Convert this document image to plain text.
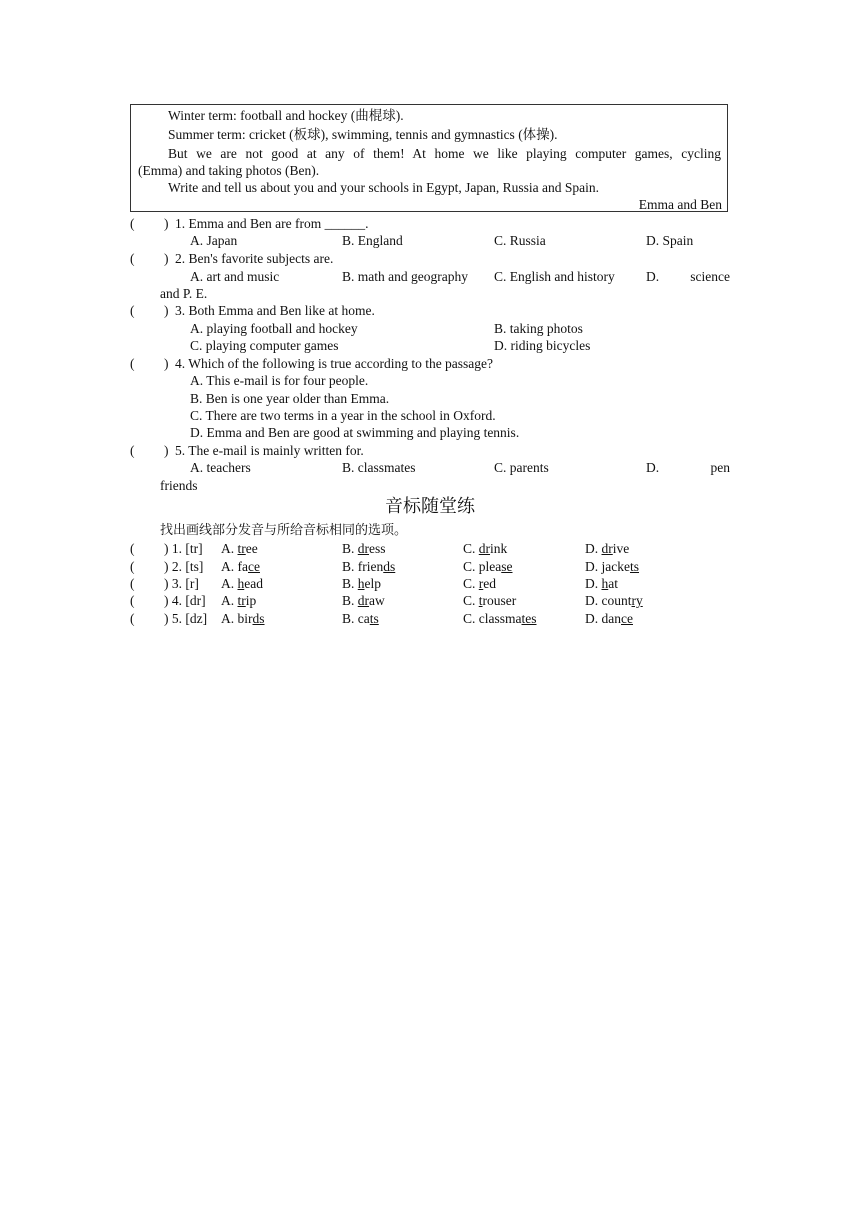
Winter term: football and hockey (曲棍球).
Summer term: cricket (板球), swimming, tennis and gymnastics (体操).
But we are not good at any of them! At home we like playing computer games, cycling
(Emma) and taking photos (Ben).
Write and tell us about you and your schools in Egypt, Japan, Russia and Spain.
Emma and Ben
( ) 1. Emma and Ben are from ______.
A. Japan	B. England	C. Russia	D. Spain
( ) 2. Ben's favorite subjects are.
A. art and music	B. math and geography C. English and history D. science
and P. E.
( ) 3. Both Emma and Ben like at home.
A. playing football and hockey	B. taking photos
C. playing computer games	D. riding bicycles
( ) 4. Which of the following is true according to the passage?
A. This e-mail is for four people.
B. Ben is one year older than Emma.
C. There are two terms in a year in the school in Oxford.
D. Emma and Ben are good at swimming and playing tennis.
( ) 5. The e-mail is mainly written for.
A. teachers	B. classmates	C. parents	D.	pen
friends
音标随堂练
找出画线部分发音与所给音标相同的选项。
( ) 1. [tr] A. tree	B. dress	C. drink	D. drive
( ) 2. [ts] A. face	B. friends	C. please	D. jackets
( ) 3. [r] A. head	B. help	C. red	D. hat
( ) 4. [dr] A. trip	B. draw	C. trouser	D. country
( ) 5. [dz] A. birds	B. cats	C. classmates	D. dance
